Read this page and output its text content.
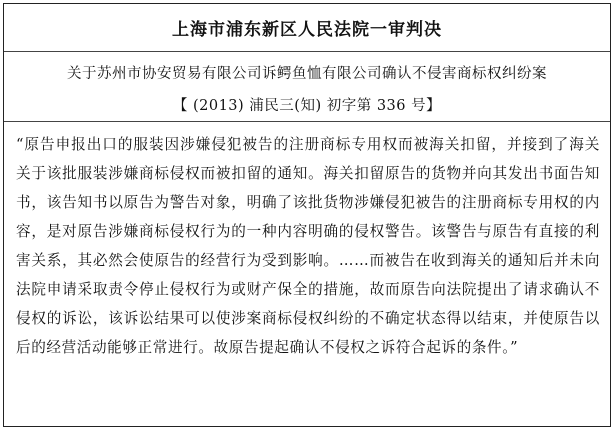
上海市浦东新区人民法院一审判决
关于苏州市协安贸易有限公司诉鳄鱼恤有限公司确认不侵害商标权纠纷案
【 (2013) 浦民三(知) 初字第 336 号】
“原告申报出口的服装因涉嫌侵犯被告的注册商标专用权而被海关扣留，并接到了海关关于该批服装涉嫌商标侵权而被扣留的通知。海关扣留原告的货物并向其发出书面告知书，该告知书以原告为警告对象，明确了该批货物涉嫌侵犯被告的注册商标专用权的内容，是对原告涉嫌商标侵权行为的一种内容明确的侵权警告。该警告与原告有直接的利害关系，其必然会使原告的经营行为受到影响。……而被告在收到海关的通知后并未向法院申请采取责令停止侵权行为或财产保全的措施，故而原告向法院提出了请求确认不侵权的诉讼，该诉讼结果可以使涉案商标侵权纠纷的不确定状态得以结束，并使原告以后的经营活动能够正常进行。故原告提起确认不侵权之诉符合起诉的条件。”
